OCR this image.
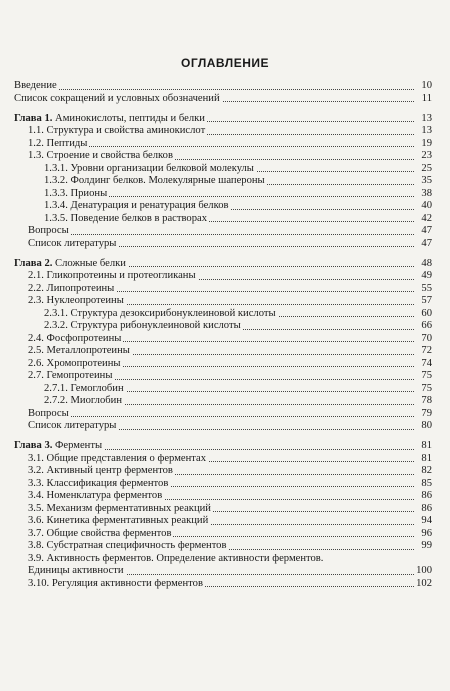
ОГЛАВЛЕНИЕ
Введение	10
Список сокращений и условных обозначений	11
Глава 1. Аминокислоты, пептиды и белки	13
1.1. Структура и свойства аминокислот	13
1.2. Пептиды	19
1.3. Строение и свойства белков	23
1.3.1. Уровни организации белковой молекулы	25
1.3.2. Фолдинг белков. Молекулярные шапероны	35
1.3.3. Прионы	38
1.3.4. Денатурация и ренатурация белков	40
1.3.5. Поведение белков в растворах	42
Вопросы	47
Список литературы	47
Глава 2. Сложные белки	48
2.1. Гликопротеины и протеогликаны	49
2.2. Липопротеины	55
2.3. Нуклеопротеины	57
2.3.1. Структура дезоксирибонуклеиновой кислоты	60
2.3.2. Структура рибонуклеиновой кислоты	66
2.4. Фосфопротеины	70
2.5. Металлопротеины	72
2.6. Хромопротеины	74
2.7. Гемопротеины	75
2.7.1. Гемоглобин	75
2.7.2. Миоглобин	78
Вопросы	79
Список литературы	80
Глава 3. Ферменты	81
3.1. Общие представления о ферментах	81
3.2. Активный центр ферментов	82
3.3. Классификация ферментов	85
3.4. Номенклатура ферментов	86
3.5. Механизм ферментативных реакций	86
3.6. Кинетика ферментативных реакций	94
3.7. Общие свойства ферментов	96
3.8. Субстратная специфичность ферментов	99
3.9. Активность ферментов. Определение активности ферментов.
Единицы активности	100
3.10. Регуляция активности ферментов	102
